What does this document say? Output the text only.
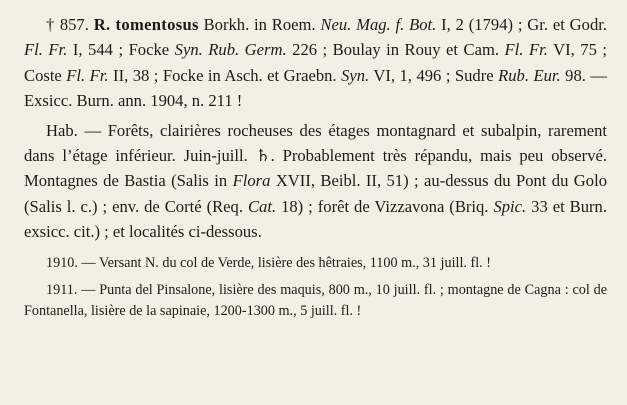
† 857. R. tomentosus Borkh. in Roem. Neu. Mag. f. Bot. I, 2 (1794) ; Gr. et Godr. Fl. Fr. I, 544 ; Focke Syn. Rub. Germ. 226 ; Boulay in Rouy et Cam. Fl. Fr. VI, 75 ; Coste Fl. Fr. II, 38 ; Focke in Asch. et Graebn. Syn. VI, 1, 496 ; Sudre Rub. Eur. 98. — Exsicc. Burn. ann. 1904, n. 211 !

Hab. — Forêts, clairières rocheuses des étages montagnard et subalpin, rarement dans l’étage inférieur. Juin-juill. ♄. Probablement très répandu, mais peu observé. Montagnes de Bastia (Salis in Flora XVII, Beibl. II, 51) ; au-dessus du Pont du Golo (Salis l. c.) ; env. de Corté (Req. Cat. 18) ; forêt de Vizzavona (Briq. Spic. 33 et Burn. exsicc. cit.) ; et localités ci-dessous.

1910. — Versant N. du col de Verde, lisière des hêtraies, 1100 m., 31 juill. fl. !

1911. — Punta del Pinsalone, lisière des maquis, 800 m., 10 juill. fl. ; montagne de Cagna : col de Fontanella, lisière de la sapinaie, 1200-1300 m., 5 juill. fl. !
